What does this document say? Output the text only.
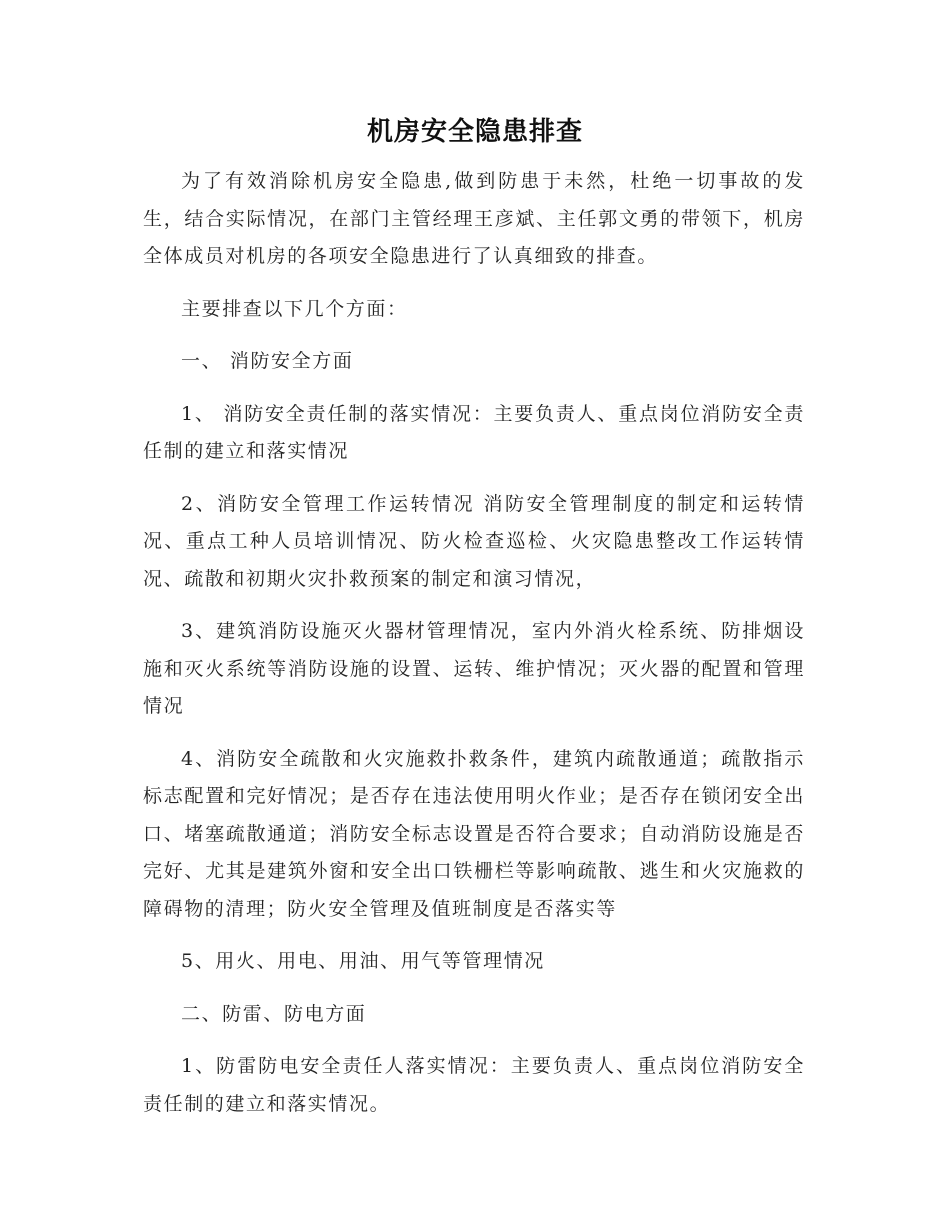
机房安全隐患排查

为了有效消除机房安全隐患,做到防患于未然，杜绝一切事故的发生，结合实际情况，在部门主管经理王彦斌、主任郭文勇的带领下，机房全体成员对机房的各项安全隐患进行了认真细致的排查。

主要排查以下几个方面：

一、 消防安全方面

1、 消防安全责任制的落实情况：主要负责人、重点岗位消防安全责任制的建立和落实情况

2、消防安全管理工作运转情况 消防安全管理制度的制定和运转情况、重点工种人员培训情况、防火检查巡检、火灾隐患整改工作运转情况、疏散和初期火灾扑救预案的制定和演习情况，

3、建筑消防设施灭火器材管理情况，室内外消火栓系统、防排烟设施和灭火系统等消防设施的设置、运转、维护情况；灭火器的配置和管理情况

4、消防安全疏散和火灾施救扑救条件，建筑内疏散通道；疏散指示标志配置和完好情况；是否存在违法使用明火作业；是否存在锁闭安全出口、堵塞疏散通道；消防安全标志设置是否符合要求；自动消防设施是否完好、尤其是建筑外窗和安全出口铁栅栏等影响疏散、逃生和火灾施救的障碍物的清理；防火安全管理及值班制度是否落实等

5、用火、用电、用油、用气等管理情况

二、防雷、防电方面

1、防雷防电安全责任人落实情况：主要负责人、重点岗位消防安全责任制的建立和落实情况。
